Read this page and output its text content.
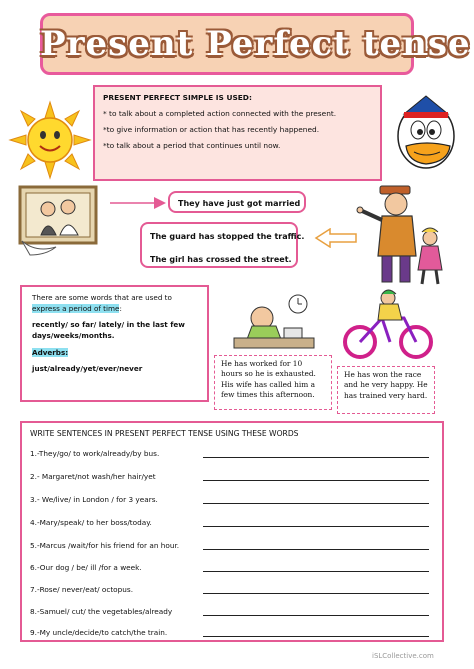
Present Perfect tense

PRESENT PERFECT SIMPLE IS USED:

* to talk about a completed action connected with the present.

*to give information or action that has recently happened.

*to talk about a period that continues until now.

They have just got married

The guard has stopped the traffic.

The girl has crossed the street.

There are some words that are used to express a period of time:

recently/ so far/ lately/ in the last few days/weeks/months.

Adverbs:

just/already/yet/ever/never

He has worked for 10 hours so he is exhausted. His wife has called him a few times this afternoon.
He has won the race and he very happy. He has trained very hard.
WRITE SENTENCES IN PRESENT PERFECT TENSE USING THESE WORDS
1.-They/go/ to work/already/by bus.
2.- Margaret/not wash/her hair/yet
3.- We/live/ in London / for 3 years.
4.-Mary/speak/ to her boss/today.
5.-Marcus /wait/for his friend for an hour.
6.-Our dog / be/ ill /for a week.
7.-Rose/ never/eat/ octopus.
8.-Samuel/ cut/ the vegetables/already
9.-My uncle/decide/to catch/the train.
iSLCollective.com
